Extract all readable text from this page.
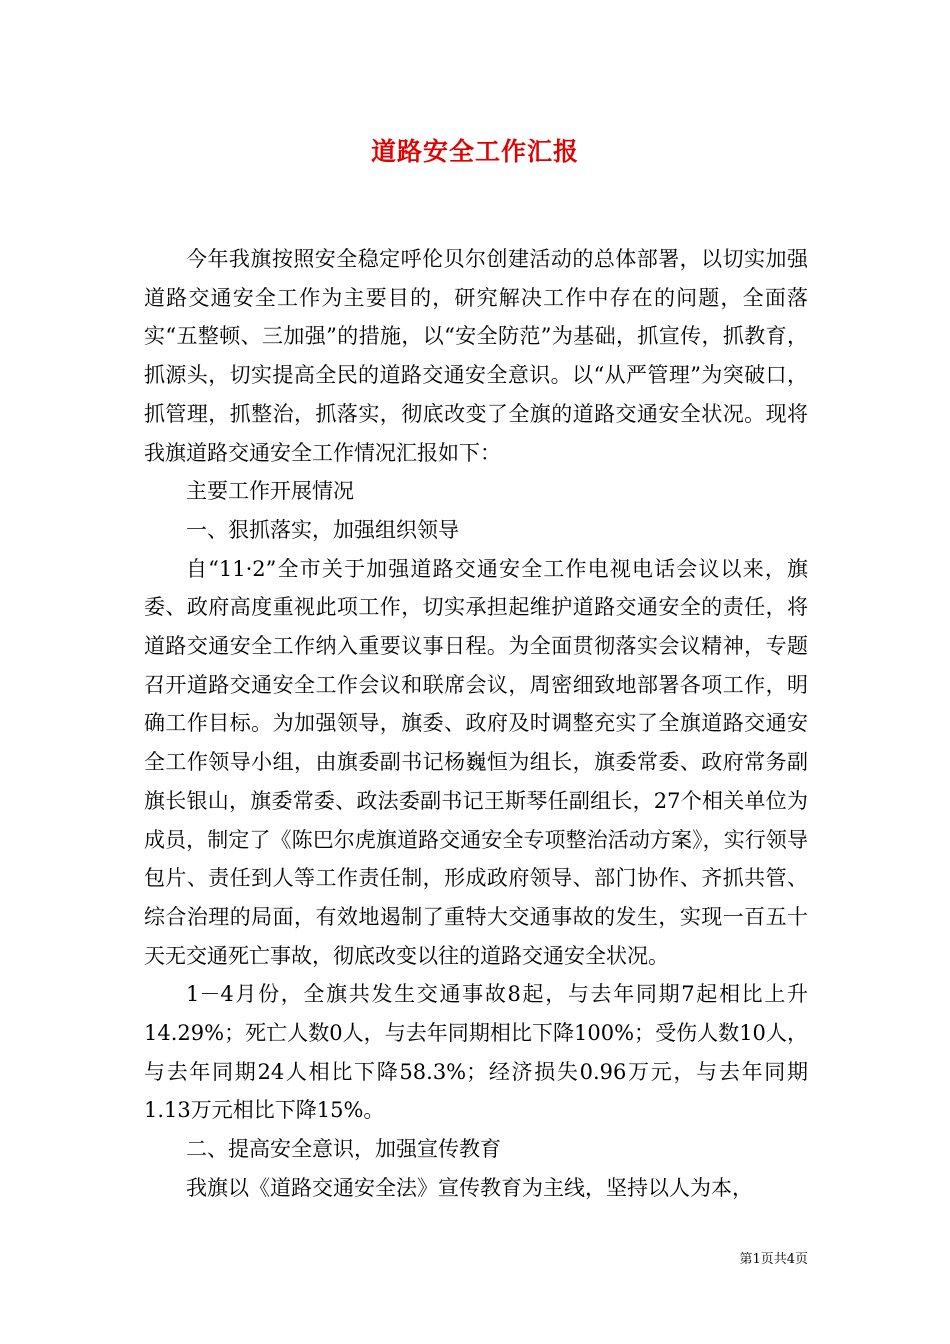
道路安全工作汇报

今年我旗按照安全稳定呼伦贝尔创建活动的总体部署，以切实加强道路交通安全工作为主要目的，研究解决工作中存在的问题，全面落实“五整顿、三加强”的措施，以“安全防范”为基础，抓宣传，抓教育，抓源头，切实提高全民的道路交通安全意识。以“从严管理”为突破口，抓管理，抓整治，抓落实，彻底改变了全旗的道路交通安全状况。现将我旗道路交通安全工作情况汇报如下：

主要工作开展情况

一、狠抓落实，加强组织领导

自“11·2”全市关于加强道路交通安全工作电视电话会议以来，旗委、政府高度重视此项工作，切实承担起维护道路交通安全的责任，将道路交通安全工作纳入重要议事日程。为全面贯彻落实会议精神，专题召开道路交通安全工作会议和联席会议，周密细致地部署各项工作，明确工作目标。为加强领导，旗委、政府及时调整充实了全旗道路交通安全工作领导小组，由旗委副书记杨巍恒为组长，旗委常委、政府常务副旗长银山，旗委常委、政法委副书记王斯琴任副组长，27个相关单位为成员，制定了《陈巴尔虎旗道路交通安全专项整治活动方案》，实行领导包片、责任到人等工作责任制，形成政府领导、部门协作、齐抓共管、综合治理的局面，有效地遏制了重特大交通事故的发生，实现一百五十天无交通死亡事故，彻底改变以往的道路交通安全状况。

1－4月份，全旗共发生交通事故8起，与去年同期7起相比上升14.29%；死亡人数0人，与去年同期相比下降100%；受伤人数10人，与去年同期24人相比下降58.3%；经济损失0.96万元，与去年同期1.13万元相比下降15%。

二、提高安全意识，加强宣传教育

我旗以《道路交通安全法》宣传教育为主线，坚持以人为本，

第1页共4页
